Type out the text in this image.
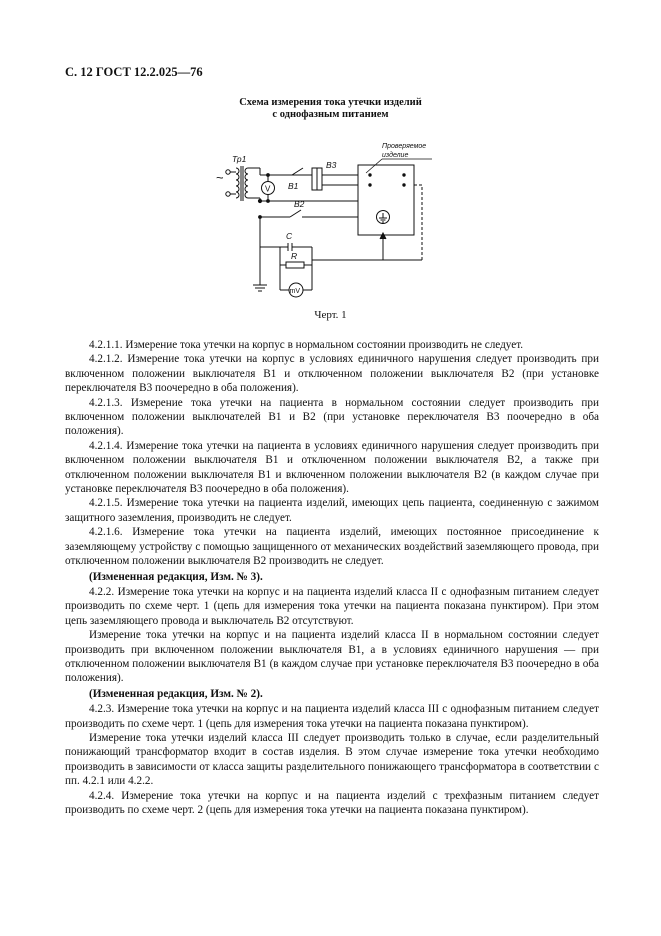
С. 12 ГОСТ 12.2.025—76
Схема измерения тока утечки изделий
с однофазным питанием
~
Тр1
V В1
В3
В2
Проверяемое
изделие
С
R
mV
Черт. 1

4.2.1.1. Измерение тока утечки на корпус в нормальном состоянии производить не следует.

4.2.1.2. Измерение тока утечки на корпус в условиях единичного нарушения следует производить при включенном положении выключателя В1 и отключенном положении выключателя В2 (при установке переключателя В3 поочередно в оба положения).

4.2.1.3. Измерение тока утечки на пациента в нормальном состоянии следует производить при включенном положении выключателей В1 и В2 (при установке переключателя В3 поочередно в оба положения).

4.2.1.4. Измерение тока утечки на пациента в условиях единичного нарушения следует производить при включенном положении выключателя В1 и отключенном положении выключателя В2, а также при отключенном положении выключателя В1 и включенном положении выключателя В2 (в каждом случае при установке переключателя В3 поочередно в оба положения).

4.2.1.5. Измерение тока утечки на пациента изделий, имеющих цепь пациента, соединенную с зажимом защитного заземления, производить не следует.

4.2.1.6. Измерение тока утечки на пациента изделий, имеющих постоянное присоединение к заземляющему устройству с помощью защищенного от механических воздействий заземляющего провода, при отключенном положении выключателя В2 производить не следует.

(Измененная редакция, Изм. № 3).

4.2.2. Измерение тока утечки на корпус и на пациента изделий класса II с однофазным питанием следует производить по схеме черт. 1 (цепь для измерения тока утечки на пациента показана пунктиром). При этом цепь заземляющего провода и выключатель В2 отсутствуют.

Измерение тока утечки на корпус и на пациента изделий класса II в нормальном состоянии следует производить при включенном положении выключателя В1, а в условиях единичного нарушения — при отключенном положении выключателя В1 (в каждом случае при установке переключателя В3 поочередно в оба положения).

(Измененная редакция, Изм. № 2).

4.2.3. Измерение тока утечки на корпус и на пациента изделий класса III с однофазным питанием следует производить по схеме черт. 1 (цепь для измерения тока утечки на пациента показана пунктиром).

Измерение тока утечки изделий класса III следует производить только в случае, если разделительный понижающий трансформатор входит в состав изделия. В этом случае измерение тока утечки необходимо производить в зависимости от класса защиты разделительного понижающего трансформатора в соответствии с пп. 4.2.1 или 4.2.2.

4.2.4. Измерение тока утечки на корпус и на пациента изделий с трехфазным питанием следует производить по схеме черт. 2 (цепь для измерения тока утечки на пациента показана пунктиром).
